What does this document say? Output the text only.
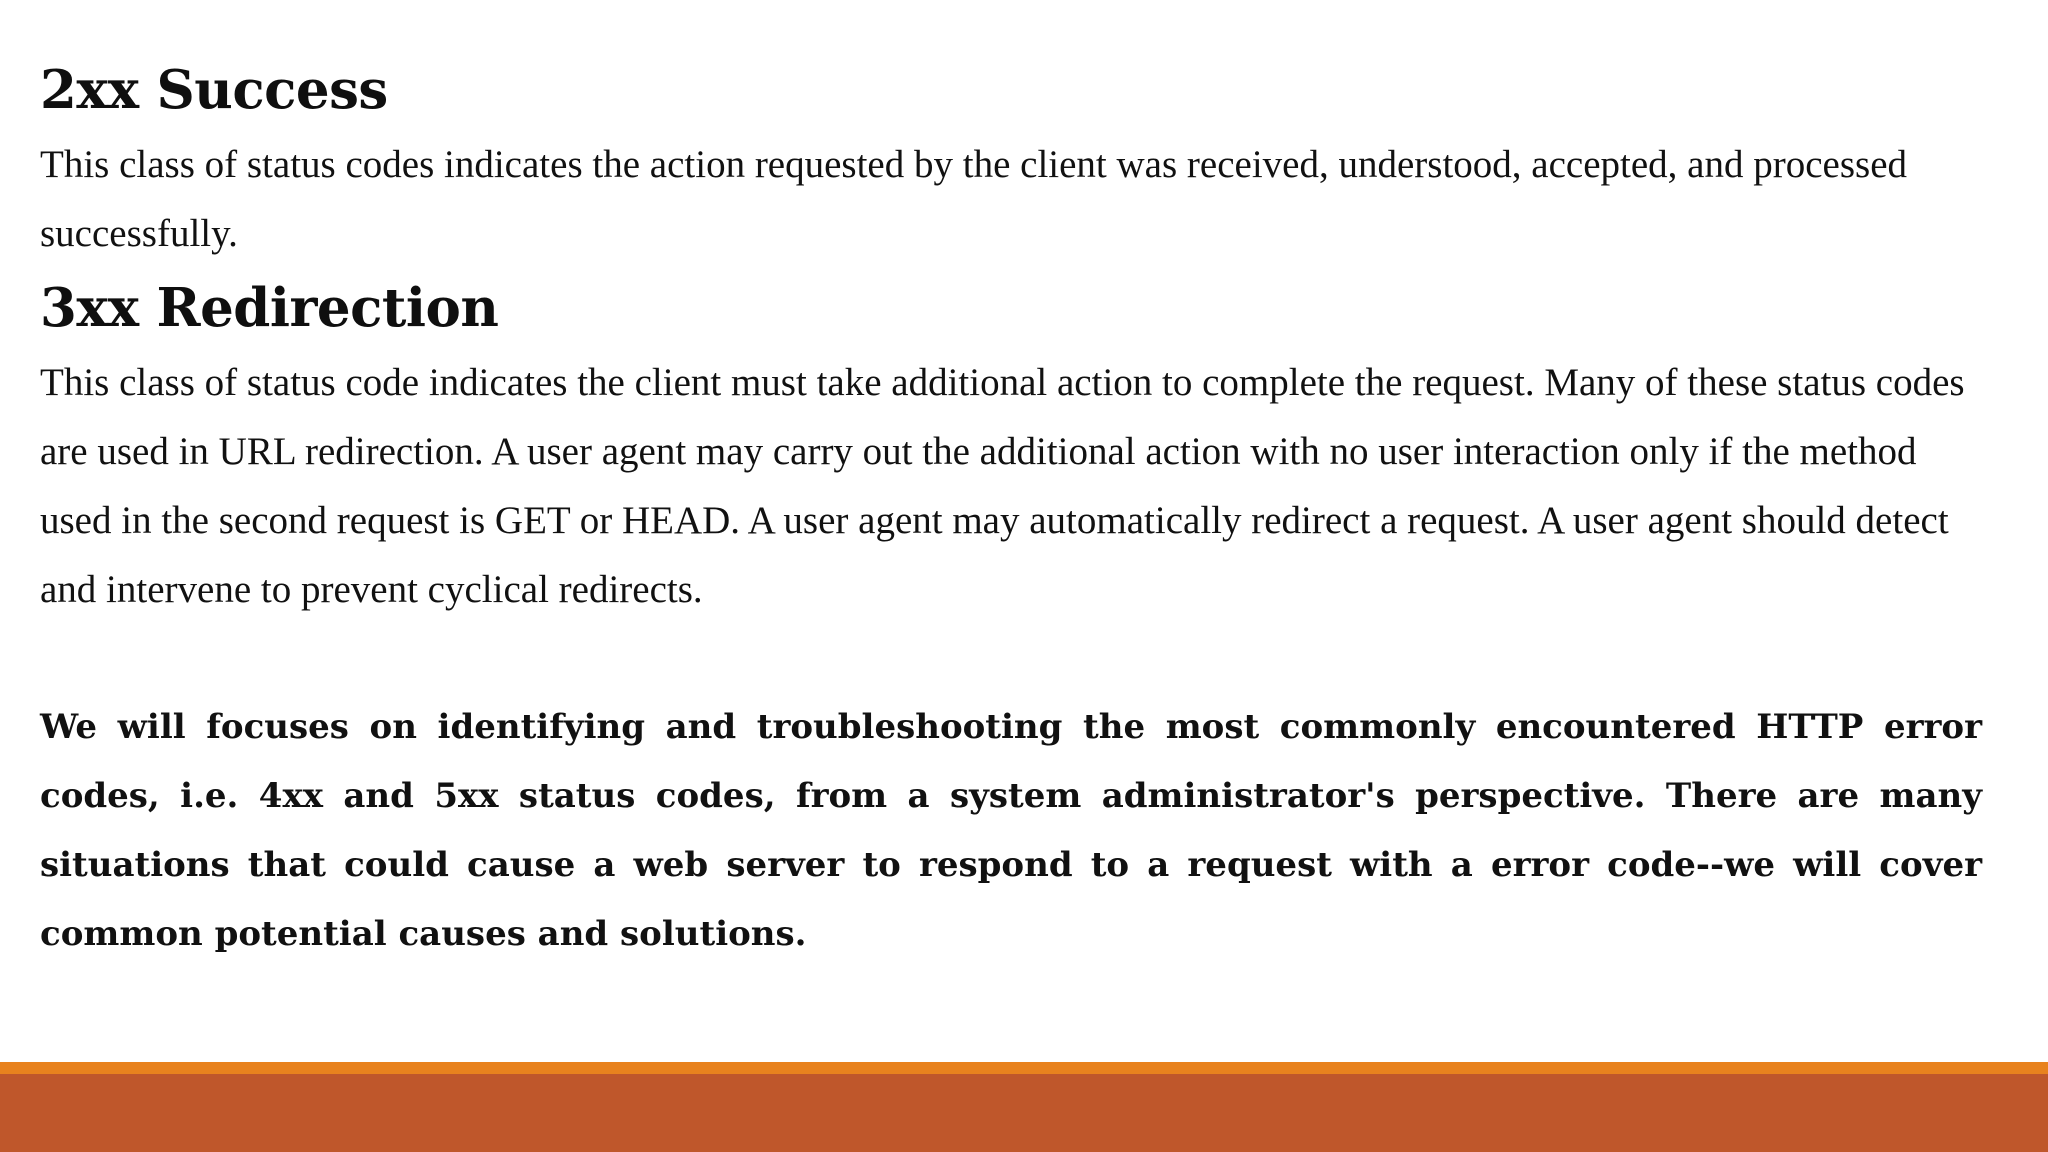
2xx Success

This class of status codes indicates the action requested by the client was received, understood, accepted, and processed successfully.

3xx Redirection

This class of status code indicates the client must take additional action to complete the request. Many of these status codes are used in URL redirection. A user agent may carry out the additional action with no user interaction only if the method used in the second request is GET or HEAD. A user agent may automatically redirect a request. A user agent should detect and intervene to prevent cyclical redirects.

We will focuses on identifying and troubleshooting the most commonly encountered HTTP error codes, i.e. 4xx and 5xx status codes, from a system administrator's perspective. There are many situations that could cause a web server to respond to a request with a error code--we will cover common potential causes and solutions.
